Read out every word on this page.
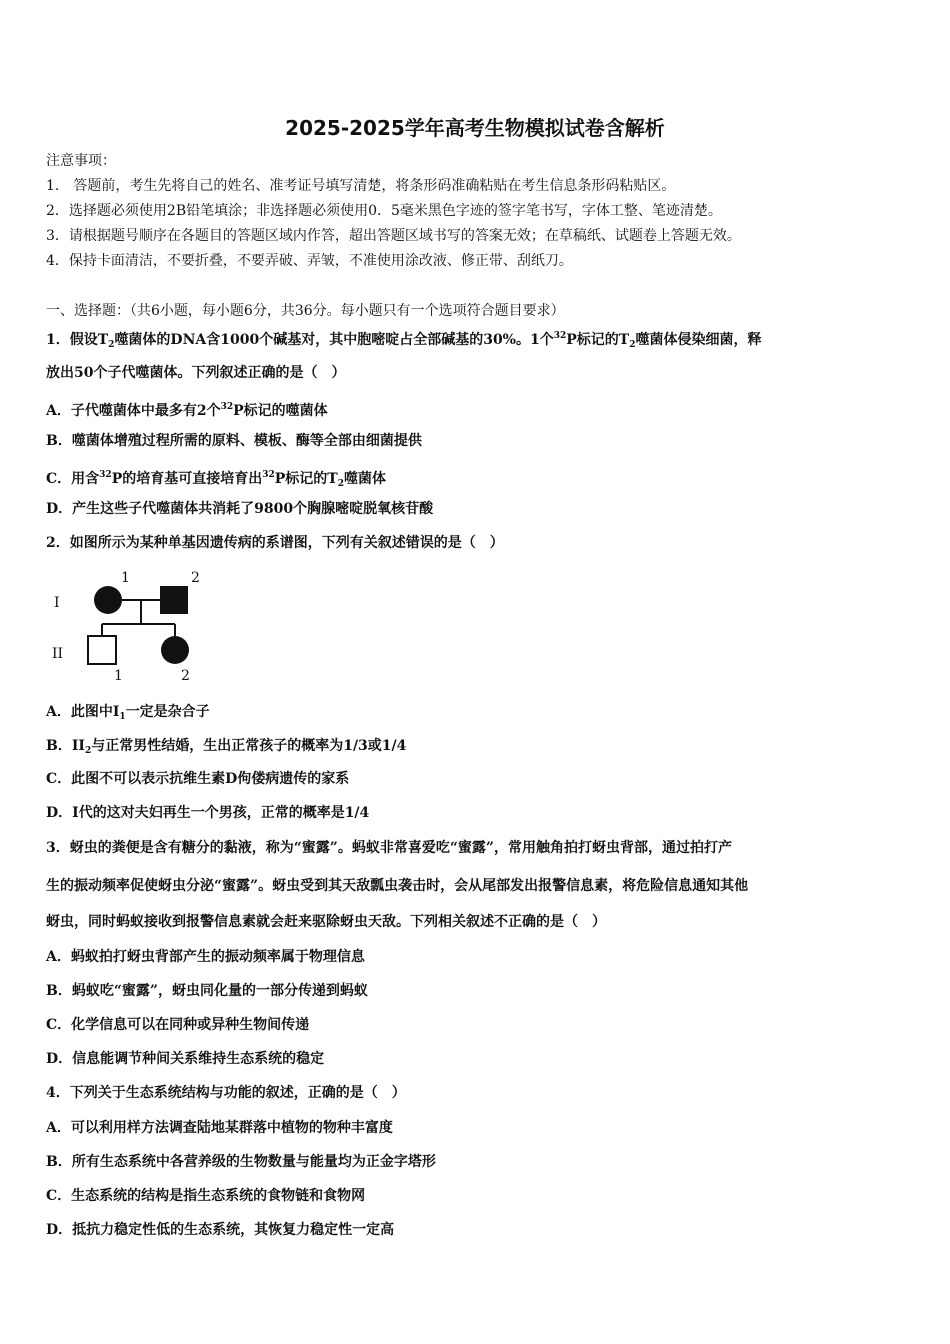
2025-2025学年高考生物模拟试卷含解析
注意事项：
1.　答题前，考生先将自己的姓名、准考证号填写清楚，将条形码准确粘贴在考生信息条形码粘贴区。
2．选择题必须使用2B铅笔填涂；非选择题必须使用0．5毫米黑色字迹的签字笔书写，字体工整、笔迹清楚。
3．请根据题号顺序在各题目的答题区域内作答，超出答题区域书写的答案无效；在草稿纸、试题卷上答题无效。
4．保持卡面清洁，不要折叠，不要弄破、弄皱，不准使用涂改液、修正带、刮纸刀。
一、选择题：（共6小题，每小题6分，共36分。每小题只有一个选项符合题目要求）
1．假设$T_2$噬菌体的DNA含1000个碱基对，其中胞嘧啶占全部碱基的30%。1个$^{32}$P标记的$T_2$噬菌体侵染细菌，释
放出50个子代噬菌体。下列叙述正确的是（　）
A．子代噬菌体中最多有2个$^{32}$P标记的噬菌体
B．噬菌体增殖过程所需的原料、模板、酶等全部由细菌提供
C．用含$^{32}$P的培育基可直接培育出$^{32}$P标记的$T_2$噬菌体
D．产生这些子代噬菌体共消耗了9800个胸腺嘧啶脱氧核苷酸
2．如图所示为某种单基因遗传病的系谱图，下列有关叙述错误的是（　）
I
II
1	2
1	2
A．此图中$I_1$一定是杂合子
B．$II_2$与正常男性结婚，生出正常孩子的概率为1/3或1/4
C．此图不可以表示抗维生素D佝偻病遗传的家系
D．I代的这对夫妇再生一个男孩，正常的概率是1/4
3．蚜虫的粪便是含有糖分的黏液，称为“蜜露”。蚂蚁非常喜爱吃“蜜露”，常用触角拍打蚜虫背部，通过拍打产
生的振动频率促使蚜虫分泌“蜜露”。蚜虫受到其天敌瓢虫袭击时，会从尾部发出报警信息素，将危险信息通知其他
蚜虫，同时蚂蚁接收到报警信息素就会赶来驱除蚜虫天敌。下列相关叙述不正确的是（　）
A．蚂蚁拍打蚜虫背部产生的振动频率属于物理信息
B．蚂蚁吃“蜜露”，蚜虫同化量的一部分传递到蚂蚁
C．化学信息可以在同种或异种生物间传递
D．信息能调节种间关系维持生态系统的稳定
4．下列关于生态系统结构与功能的叙述，正确的是（　）
A．可以利用样方法调查陆地某群落中植物的物种丰富度
B．所有生态系统中各营养级的生物数量与能量均为正金字塔形
C．生态系统的结构是指生态系统的食物链和食物网
D．抵抗力稳定性低的生态系统，其恢复力稳定性一定高
